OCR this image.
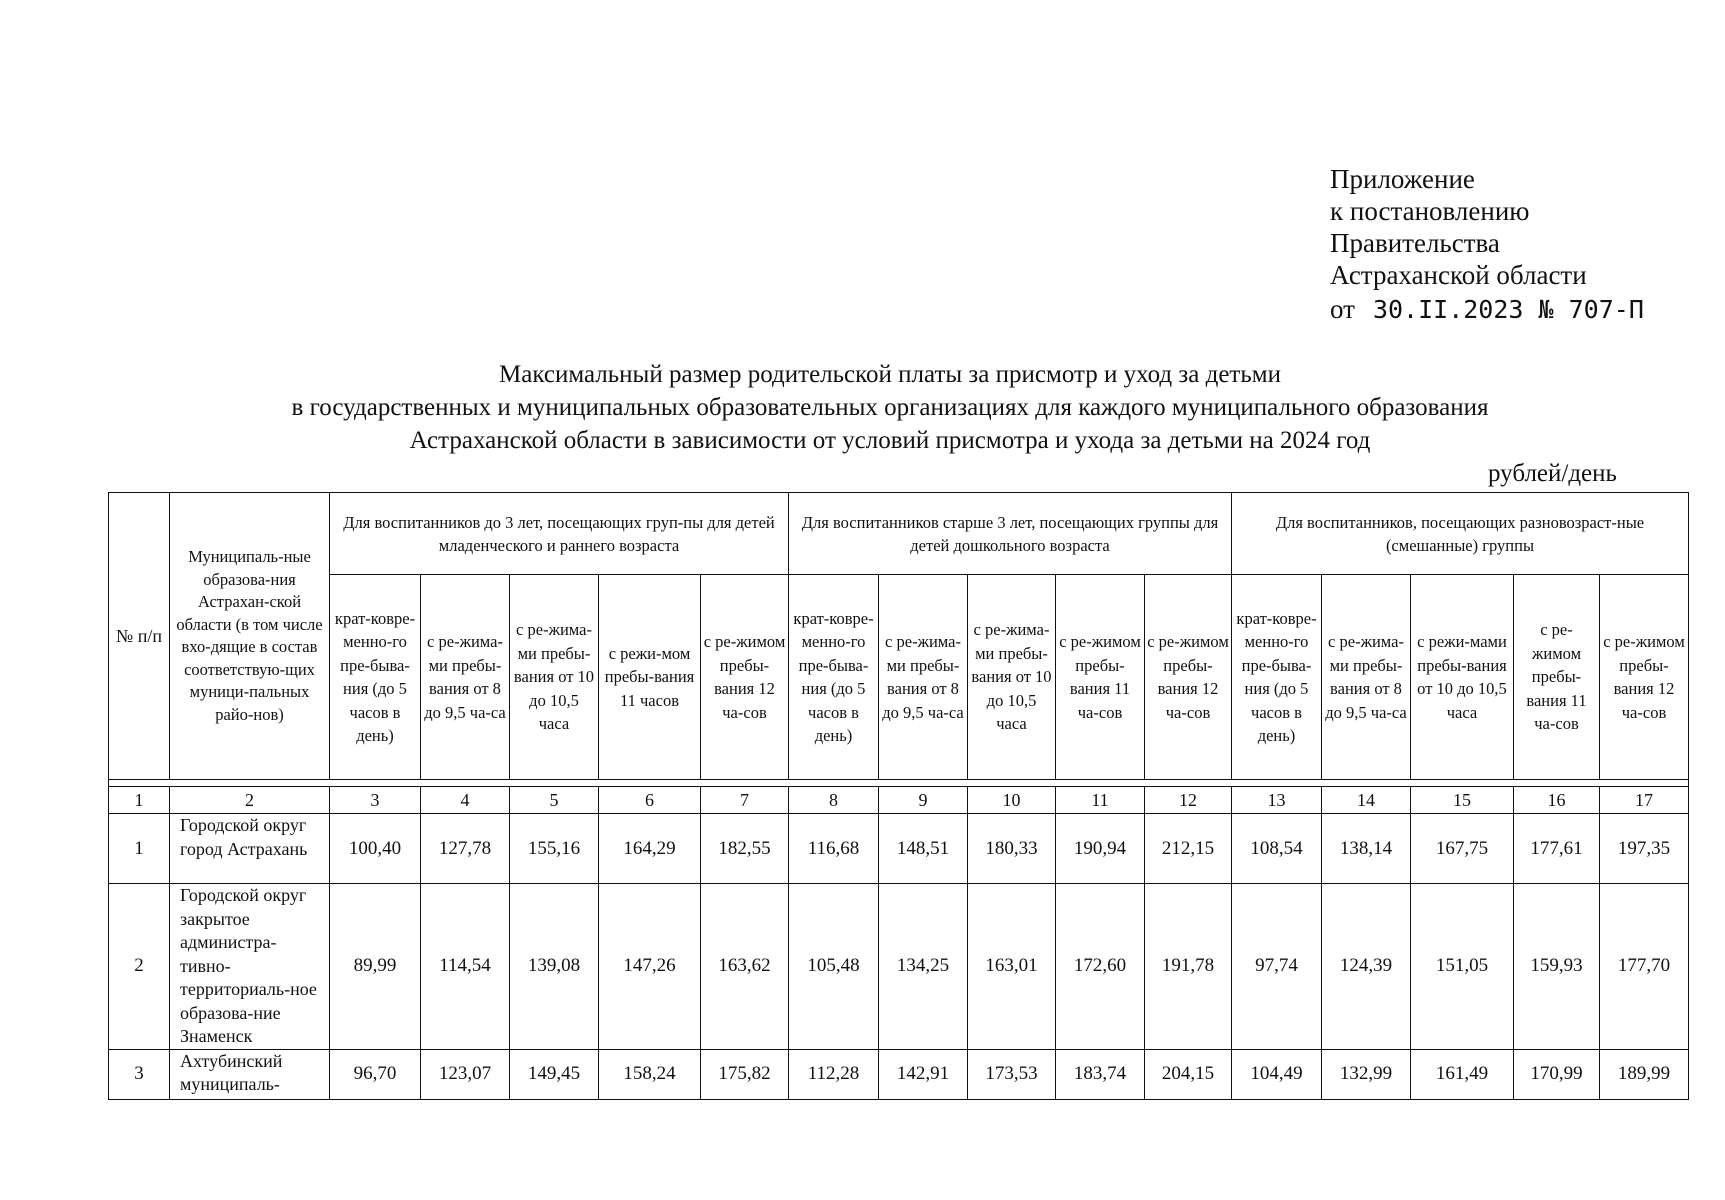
Приложение
к постановлению
Правительства
Астраханской области
от 30.II.2023 № 707-П
Максимальный размер родительской платы за присмотр и уход за детьми
в государственных и муниципальных образовательных организациях для каждого муниципального образования
Астраханской области в зависимости от условий присмотра и ухода за детьми на 2024 год
рублей/день
№ п/п	Муниципаль-ные образова-ния Астрахан-ской области (в том числе вхо-дящие в состав соответствую-щих муници-пальных райо-нов)	Для воспитанников до 3 лет, посещающих груп-пы для детей младенческого и раннего возраста					Для воспитанников старше 3 лет, посещающих группы для детей дошкольного возраста					Для воспитанников, посещающих разновозраст-ные (смешанные) группы				
		крат-ковре-менно-го пре-быва-ния (до 5 часов в день)	с ре-жима-ми пребы-вания от 8 до 9,5 ча-са	с ре-жима-ми пребы-вания от 10 до 10,5 часа	с режи-мом пребы-вания 11 часов	с ре-жимом пребы-вания 12 ча-сов	крат-ковре-менно-го пре-быва-ния (до 5 часов в день)	с ре-жима-ми пребы-вания от 8 до 9,5 ча-са	с ре-жима-ми пребы-вания от 10 до 10,5 часа	с ре-жимом пребы-вания 11 ча-сов	с ре-жимом пребы-вания 12 ча-сов	крат-ковре-менно-го пре-быва-ния (до 5 часов в день)	с ре-жима-ми пребы-вания от 8 до 9,5 ча-са	с режи-мами пребы-вания от 10 до 10,5 часа	с ре-жимом пребы-вания 11 ча-сов	с ре-жимом пребы-вания 12 ча-сов

1	2	3	4	5	6	7	8	9	10	11	12	13	14	15	16	17
1	Городской округ город Астрахань	100,40	127,78	155,16	164,29	182,55	116,68	148,51	180,33	190,94	212,15	108,54	138,14	167,75	177,61	197,35
2	Городской округ закрытое администра-тивно-территориаль-ное образова-ние Знаменск	89,99	114,54	139,08	147,26	163,62	105,48	134,25	163,01	172,60	191,78	97,74	124,39	151,05	159,93	177,70
3	Ахтубинский муниципаль-	96,70	123,07	149,45	158,24	175,82	112,28	142,91	173,53	183,74	204,15	104,49	132,99	161,49	170,99	189,99
